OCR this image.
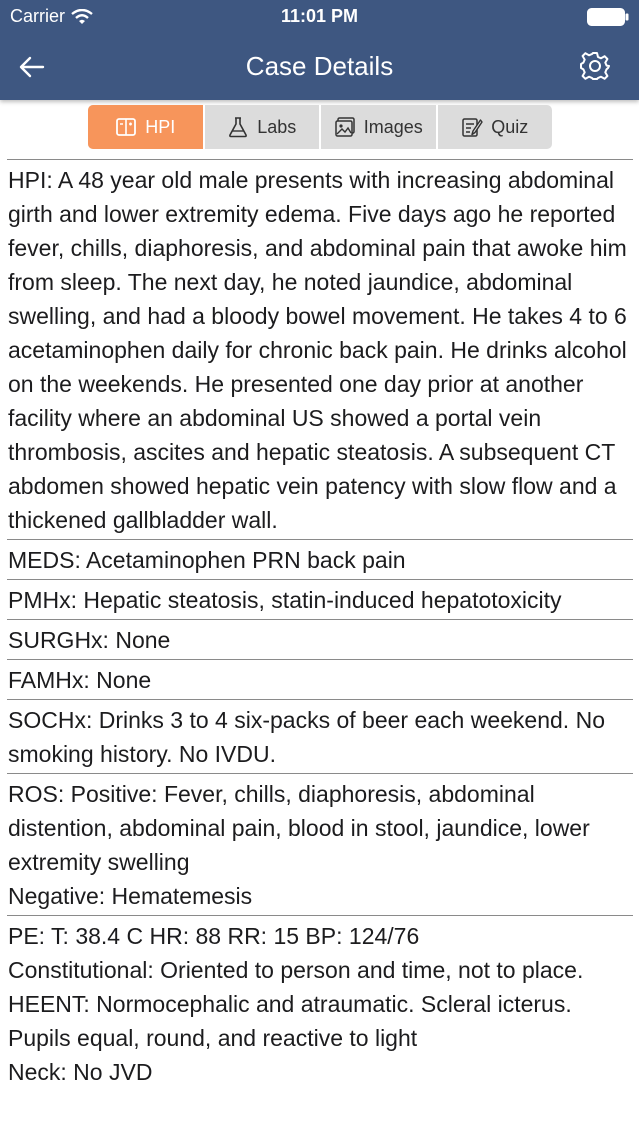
Carrier	11:01 PM
Case Details
HPI	Labs	Images	Quiz
HPI: A 48 year old male presents with increasing abdominal girth and lower extremity edema. Five days ago he reported fever, chills, diaphoresis, and abdominal pain that awoke him from sleep. The next day, he noted jaundice, abdominal swelling, and had a bloody bowel movement. He takes 4 to 6 acetaminophen daily for chronic back pain. He drinks alcohol on the weekends. He presented one day prior at another facility where an abdominal US showed a portal vein thrombosis, ascites and hepatic steatosis. A subsequent CT abdomen showed hepatic vein patency with slow flow and a thickened gallbladder wall.
MEDS: Acetaminophen PRN back pain
PMHx: Hepatic steatosis, statin-induced hepatotoxicity
SURGHx: None
FAMHx: None
SOCHx: Drinks 3 to 4 six-packs of beer each weekend. No smoking history. No IVDU.
ROS: Positive: Fever, chills, diaphoresis, abdominal distention, abdominal pain, blood in stool, jaundice, lower extremity swelling
Negative: Hematemesis
PE: T: 38.4 C HR: 88 RR: 15 BP: 124/76
Constitutional: Oriented to person and time, not to place.
HEENT: Normocephalic and atraumatic. Scleral icterus. Pupils equal, round, and reactive to light
Neck: No JVD
